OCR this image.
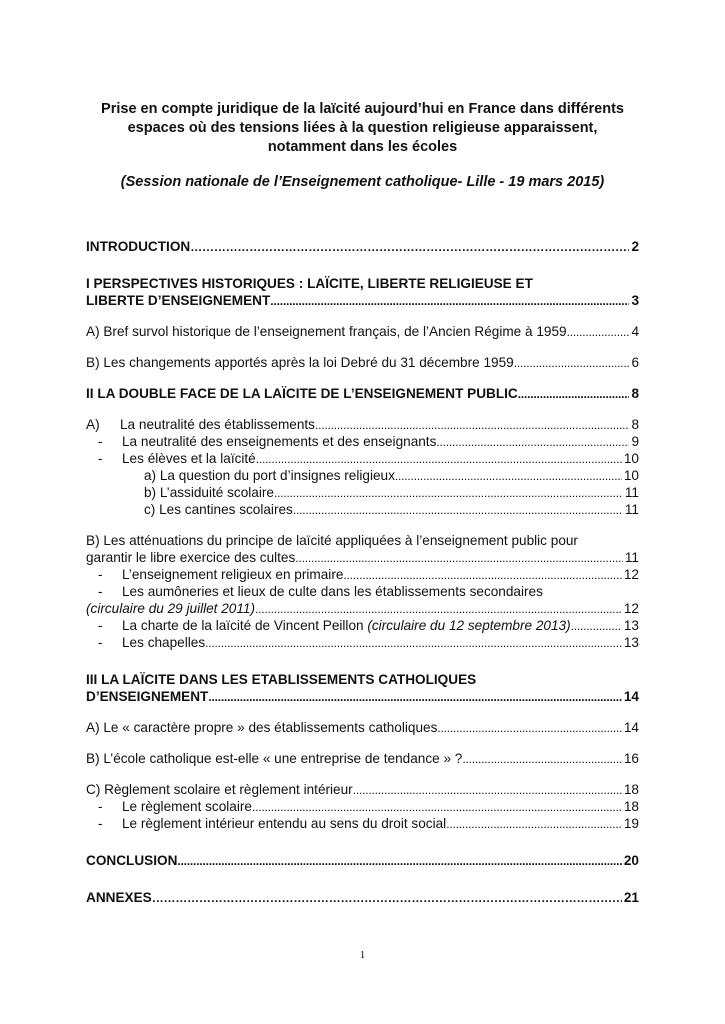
Prise en compte juridique de la laïcité aujourd’hui en France dans différents
espaces où des tensions liées à la question religieuse apparaissent,
notamment dans les écoles
(Session nationale de l’Enseignement catholique- Lille - 19 mars 2015)
INTRODUCTION ………………………………………………………………………………………………………………………………………………………………………………	2
I PERSPECTIVES HISTORIQUES : LAÏCITE, LIBERTE RELIGIEUSE ET
LIBERTE D’ENSEIGNEMENT .....	3
A) Bref survol historique de l’enseignement français, de l’Ancien Régime à 1959 .....	4
B) Les changements apportés après la loi Debré du 31 décembre 1959 .....	6
II LA DOUBLE FACE DE LA LAÏCITE DE L’ENSEIGNEMENT PUBLIC .....	8
A) La neutralité des établissements .....	8
- La neutralité des enseignements et des enseignants .....	9
- Les élèves et la laïcité .....	10
a) La question du port d’insignes religieux .....	10
b) L’assiduité scolaire .....	11
c) Les cantines scolaires .....	11
B) Les atténuations du principe de laïcité appliquées à l’enseignement public pour
garantir le libre exercice des cultes .....	11
- L’enseignement religieux en primaire .....	12
- Les aumôneries et lieux de culte dans les établissements secondaires
(circulaire du 29 juillet 2011) .....	12
- La charte de la laïcité de Vincent Peillon (circulaire du 12 septembre 2013) .....	13
- Les chapelles .....	13
III LA LAÏCITE DANS LES ETABLISSEMENTS CATHOLIQUES
D’ENSEIGNEMENT .....	14
A) Le « caractère propre » des établissements catholiques .....	14
B) L’école catholique est-elle « une entreprise de tendance » ? .....	16
C) Règlement scolaire et règlement intérieur .....	18
- Le règlement scolaire .....	18
- Le règlement intérieur entendu au sens du droit social .....	19
CONCLUSION .....	20
ANNEXES ………………………………………………………………………………………………………………………………………………………………………………	21
1
